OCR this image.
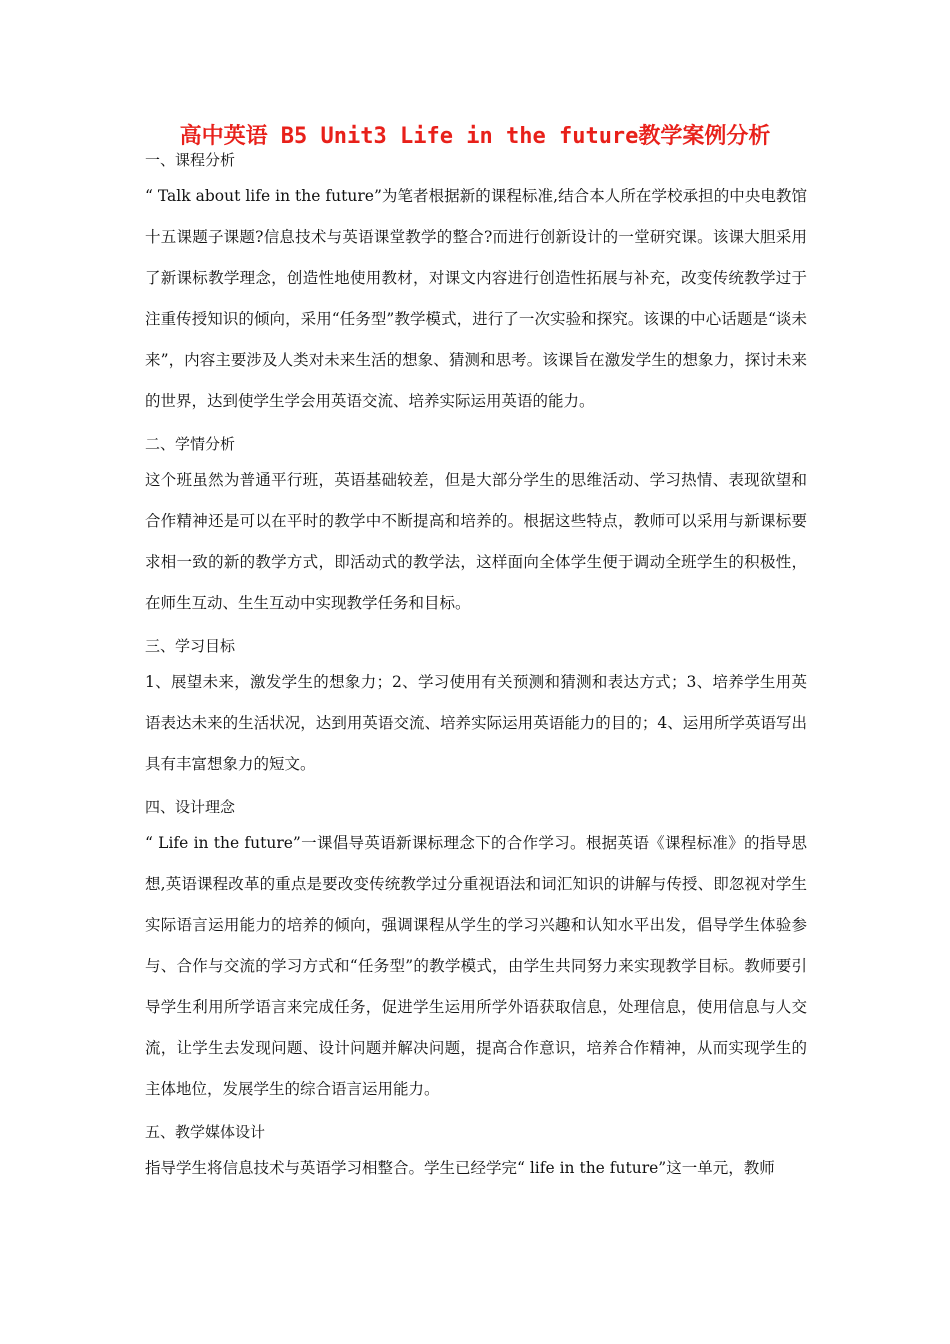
高中英语 B5 Unit3 Life in the future教学案例分析
一、课程分析
“ Talk about life in the future”为笔者根据新的课程标准,结合本人所在学校承担的中央电教馆十五课题子课题?信息技术与英语课堂教学的整合?而进行创新设计的一堂研究课。该课大胆采用了新课标教学理念，创造性地使用教材，对课文内容进行创造性拓展与补充，改变传统教学过于注重传授知识的倾向，采用“任务型”教学模式，进行了一次实验和探究。该课的中心话题是“谈未来”，内容主要涉及人类对未来生活的想象、猜测和思考。该课旨在激发学生的想象力，探讨未来的世界，达到使学生学会用英语交流、培养实际运用英语的能力。
二、学情分析
这个班虽然为普通平行班，英语基础较差，但是大部分学生的思维活动、学习热情、表现欲望和合作精神还是可以在平时的教学中不断提高和培养的。根据这些特点，教师可以采用与新课标要求相一致的新的教学方式，即活动式的教学法，这样面向全体学生便于调动全班学生的积极性，在师生互动、生生互动中实现教学任务和目标。
三、学习目标
1、展望未来，激发学生的想象力；2、学习使用有关预测和猜测和表达方式；3、培养学生用英语表达未来的生活状况，达到用英语交流、培养实际运用英语能力的目的；4、运用所学英语写出具有丰富想象力的短文。
四、设计理念
“ Life in the future”一课倡导英语新课标理念下的合作学习。根据英语《课程标准》的指导思想,英语课程改革的重点是要改变传统教学过分重视语法和词汇知识的讲解与传授、即忽视对学生实际语言运用能力的培养的倾向，强调课程从学生的学习兴趣和认知水平出发，倡导学生体验参与、合作与交流的学习方式和“任务型”的教学模式，由学生共同努力来实现教学目标。教师要引导学生利用所学语言来完成任务，促进学生运用所学外语获取信息，处理信息，使用信息与人交流，让学生去发现问题、设计问题并解决问题，提高合作意识，培养合作精神，从而实现学生的主体地位，发展学生的综合语言运用能力。
五、教学媒体设计
指导学生将信息技术与英语学习相整合。学生已经学完“ life in the future”这一单元，教师
